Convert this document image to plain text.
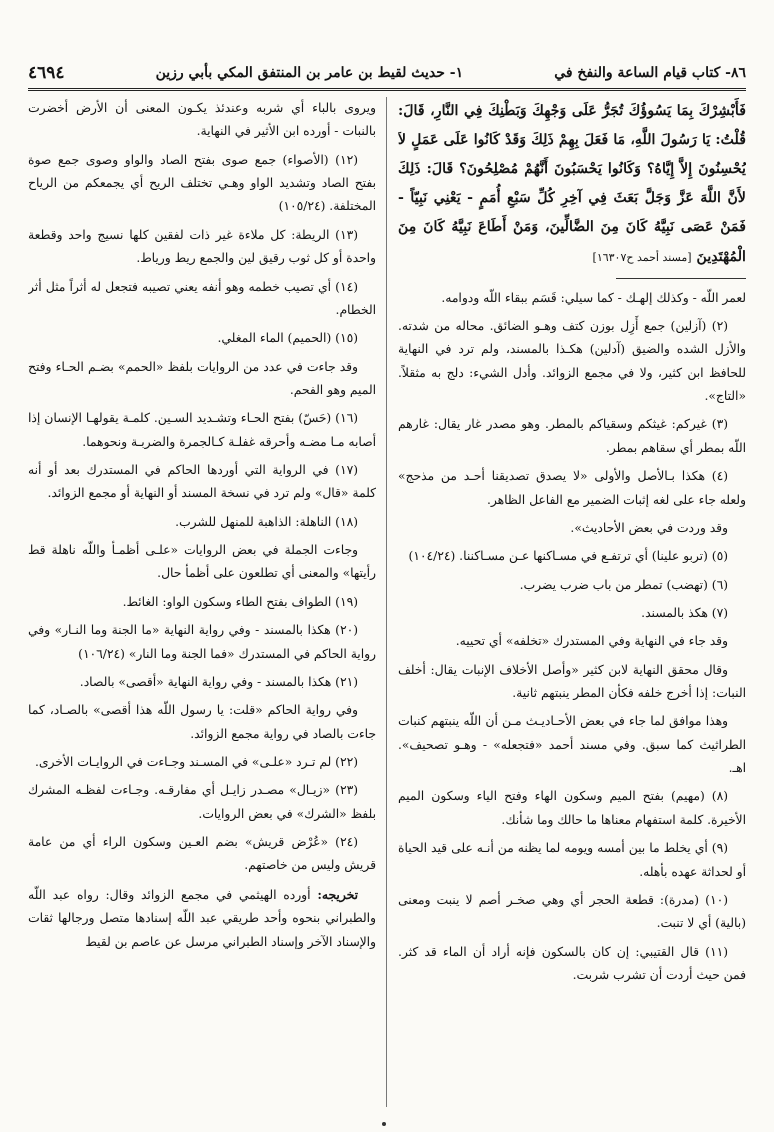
٨٦- كتاب قيام الساعة والنفخ في
١- حديث لقيط بن عامر بن المنتفق المكي بأبي رزين
٤٦٩٤

فَأَبْشِرْكَ بِمَا يَسُوؤُكَ تُجَرُّ عَلَى وَجْهِكَ وَبَطْنِكَ فِي النَّارِ، قَالَ: قُلْتُ: يَا رَسُولَ اللَّهِ، مَا فَعَلَ بِهِمْ ذَلِكَ وَقَدْ كَانُوا عَلَى عَمَلٍ لاَ يُحْسِنُونَ إِلاَّ إِيَّاهُ؟ وَكَانُوا يَحْسَبُونَ أَنَّهُمْ مُصْلِحُونَ؟ قَالَ: ذَلِكَ لأَنَّ اللَّهَ عَزَّ وَجَلَّ بَعَثَ فِي آخِرِ كُلِّ سَبْعِ أُمَمٍ - يَعْنِي نَبِيّاً - فَمَنْ عَصَى نَبِيَّهُ كَانَ مِنَ الضَّالِّينَ، وَمَنْ أَطَاعَ نَبِيَّهُ كَانَ مِنَ الْمُهْتَدِينَ [مسند أحمد ح١٦٣٠٧]

لعمر اللّه - وكذلك إلهـك - كما سيلي: قَسَم ببقاء اللّه ودوامه.

(٢) (آزلين) جمع أَزِل بوزن كتف وهـو الضائق. محاله من شدته. والأزل الشده والضيق (آدلين) هكـذا بالمسند، ولم ترد في النهاية للحافظ ابن كثير، ولا في مجمع الزوائد. وأدل الشيء: دلج به مثقلاً. «التاج».

(٣) غيركم: غيثكم وسقياكم بالمطر. وهو مصدر غار يقال: غارهم اللّه بمطر أي سقاهم بمطر.

(٤) هكذا بـالأصل والأولى «لا يصدق تصديقنا أحـد من مذحج» ولعله جاء على لغه إثبات الضمير مع الفاعل الظاهر.

وقد وردت في بعض الأحاديث».

(٥) (تربو علينا) أي ترتفـع في مسـاكنها عـن مسـاكننا. (١٠٤/٢٤)

(٦) (تهضب) تمطر من باب ضرب يضرب.

(٧) هكذ بالمسند.

وقد جاء في النهاية وفي المستدرك «تخلفه» أي تحييه.

وقال محقق النهاية لابن كثير «وأصل الأخلاف الإنبات يقال: أخلف النبات: إذا أخرج خلفه فكأن المطر ينبتهم ثانية.

وهذا موافق لما جاء في بعض الأحـاديـث مـن أن اللّه ينبتهم كنبات الطراثيث كما سبق. وفي مسند أحمد «فتجعله» - وهـو تصحيف». اهـ.

(٨) (مهيم) بفتح الميم وسكون الهاء وفتح الياء وسكون الميم الأخيرة. كلمة استفهام معناها ما حالك وما شأنك.

(٩) أي يخلط ما بين أمسه ويومه لما يظنه من أنـه على قيد الحياة أو لحداثة عهده بأهله.

(١٠) (مدرة): قطعة الحجر أي وهي صخـر أصم لا ينبت ومعنى (بالية) أي لا تنبت.

(١١) قال القتيبي: إن كان بالسكون فإنه أراد أن الماء قد كثر. فمن حيث أردت أن تشرب شربت.

ويروى بالباء أي شربه وعندئذ يكـون المعنى أن الأرض أخضرت بالنبات - أورده ابن الأثير في النهاية.

(١٢) (الأصواء) جمع صوى بفتح الصاد والواو وصوى جمع صوة بفتح الصاد وتشديد الواو وهـي تختلف الريح أي يجمعكم من الرياح المختلفة. (١٠٥/٢٤)

(١٣) الريطة: كل ملاءة غير ذات لفقين كلها نسيج واحد وقطعة واحدة أو كل ثوب رقيق لين والجمع ريط ورياط.

(١٤) أي تصيب خطمه وهو أنفه يعني تصيبه فتجعل له أثراً مثل أثر الخطام.

(١٥) (الحميم) الماء المغلي.

وقد جاءت في عدد من الروايات بلفظ «الحمم» بضـم الحـاء وفتح الميم وهو الفحم.

(١٦) (حَسّ) بفتح الحـاء وتشـديد السـين. كلمـة يقولهـا الإنسان إذا أصابه مـا مضـه وأحرقه غفلـة كـالجمرة والضربـة ونحوهما.

(١٧) في الرواية التي أوردها الحاكم في المستدرك بعد أو أنه كلمة «قال» ولم ترد في نسخة المسند أو النهاية أو مجمع الزوائد.

(١٨) الناهلة: الذاهبة للمنهل للشرب.

وجاءت الجملة في بعض الروايات «علـى أظمـأ واللّه ناهلة قط رأيتها» والمعنى أي تطلعون على أظمأ حال.

(١٩) الطواف بفتح الطاء وسكون الواو: الغائط.

(٢٠) هكذا بالمسند - وفي رواية النهاية «ما الجنة وما النـار» وفي رواية الحاكم في المستدرك «فما الجنة وما النار» (١٠٦/٢٤)

(٢١) هكذا بالمسند - وفي رواية النهاية «أقصى» بالصاد.

وفي رواية الحاكم «قلت: يا رسول اللّه هذا أقصى» بالصـاد، كما جاءت بالصاد في رواية مجمع الزوائد.

(٢٢) لم تـرد «علـى» في المسـند وجـاءت في الروايـات الأخرى.

(٢٣) «زيـال» مصـدر زايـل أي مفارقـه. وجـاءت لفظـه المشرك بلفظ «الشرك» في بعض الروايات.

(٢٤) «عُرْض قريش» بضم العـين وسكون الراء أي من عامة قريش وليس من خاصتهم.

تخريجه: أورده الهيثمي في مجمع الزوائد وقال: رواه عبد اللّه والطبراني بنحوه وأحد طريقي عبد اللّه إسنادها متصل ورجالها ثقات والإسناد الآخر وإسناد الطبراني مرسل عن عاصم بن لقيط
